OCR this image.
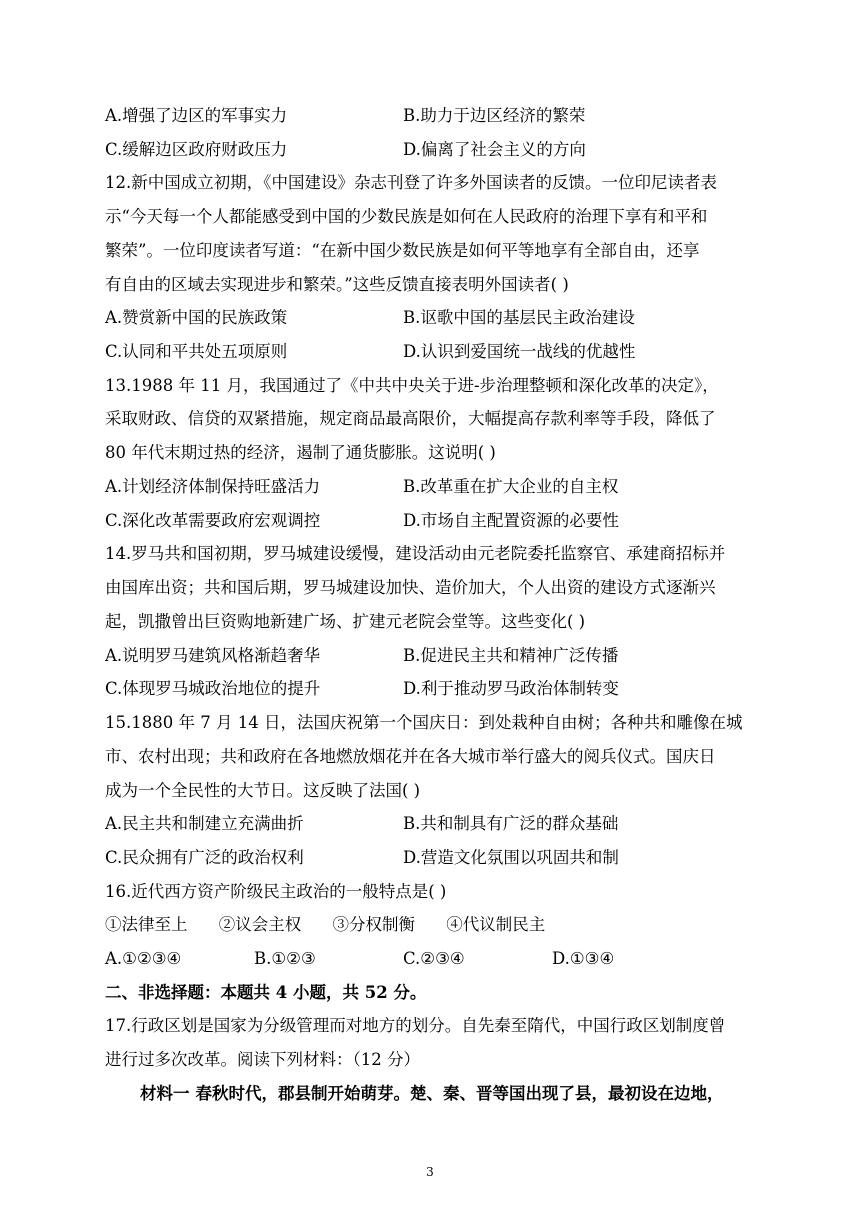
A.增强了边区的军事实力	B.助力于边区经济的繁荣
C.缓解边区政府财政压力	D.偏离了社会主义的方向
12.新中国成立初期，《中国建设》杂志刊登了许多外国读者的反馈。一位印尼读者表
示“今天每一个人都能感受到中国的少数民族是如何在人民政府的治理下享有和平和
繁荣”。一位印度读者写道：“在新中国少数民族是如何平等地享有全部自由，还享
有自由的区域去实现进步和繁荣。”这些反馈直接表明外国读者( )
A.赞赏新中国的民族政策	B.讴歌中国的基层民主政治建设
C.认同和平共处五项原则	D.认识到爱国统一战线的优越性
13.1988 年 11 月，我国通过了《中共中央关于进-步治理整顿和深化改革的决定》，
采取财政、信贷的双紧措施，规定商品最高限价，大幅提高存款利率等手段，降低了
80 年代末期过热的经济，遏制了通货膨胀。这说明( )
A.计划经济体制保持旺盛活力	B.改革重在扩大企业的自主权
C.深化改革需要政府宏观调控	D.市场自主配置资源的必要性
14.罗马共和国初期，罗马城建设缓慢，建设活动由元老院委托监察官、承建商招标并
由国库出资；共和国后期，罗马城建设加快、造价加大，个人出资的建设方式逐渐兴
起，凯撒曾出巨资购地新建广场、扩建元老院会堂等。这些变化( )
A.说明罗马建筑风格渐趋奢华	B.促进民主共和精神广泛传播
C.体现罗马城政治地位的提升	D.利于推动罗马政治体制转变
15.1880 年 7 月 14 日，法国庆祝第一个国庆日：到处栽种自由树；各种共和雕像在城
市、农村出现；共和政府在各地燃放烟花并在各大城市举行盛大的阅兵仪式。国庆日
成为一个全民性的大节日。这反映了法国( )
A.民主共和制建立充满曲折	B.共和制具有广泛的群众基础
C.民众拥有广泛的政治权利	D.营造文化氛围以巩固共和制
16.近代西方资产阶级民主政治的一般特点是( )
①法律至上 ②议会主权 ③分权制衡 ④代议制民主
A.①②③④	B.①②③	C.②③④	D.①③④
二、非选择题：本题共 4 小题，共 52 分。
17.行政区划是国家为分级管理而对地方的划分。自先秦至隋代，中国行政区划制度曾
进行过多次改革。阅读下列材料：（12 分）
材料一 春秋时代，郡县制开始萌芽。楚、秦、晋等国出现了县，最初设在边地，
3
